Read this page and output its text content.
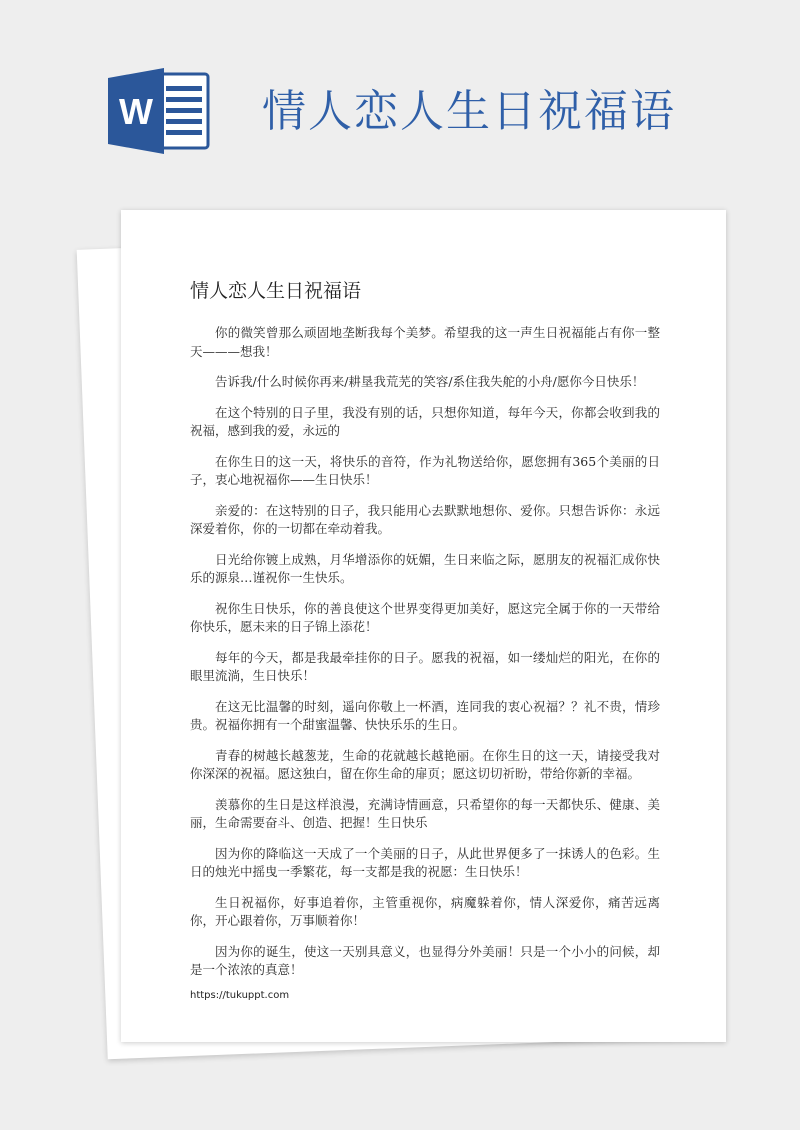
W 情人恋人生日祝福语
情人恋人生日祝福语

你的微笑曾那么顽固地垄断我每个美梦。希望我的这一声生日祝福能占有你一整天———想我！

告诉我/什么时候你再来/耕垦我荒芜的笑容/系住我失舵的小舟/愿你今日快乐！

在这个特别的日子里，我没有别的话，只想你知道，每年今天，你都会收到我的祝福，感到我的爱，永远的

在你生日的这一天，将快乐的音符，作为礼物送给你，愿您拥有365个美丽的日子，衷心地祝福你——生日快乐！

亲爱的：在这特别的日子，我只能用心去默默地想你、爱你。只想告诉你：永远深爱着你，你的一切都在牵动着我。

日光给你镀上成熟，月华增添你的妩媚，生日来临之际，愿朋友的祝福汇成你快乐的源泉…谨祝你一生快乐。

祝你生日快乐，你的善良使这个世界变得更加美好，愿这完全属于你的一天带给你快乐，愿未来的日子锦上添花！

每年的今天，都是我最牵挂你的日子。愿我的祝福，如一缕灿烂的阳光，在你的眼里流淌，生日快乐！

在这无比温馨的时刻，遥向你敬上一杯酒，连同我的衷心祝福？？礼不贵，情珍贵。祝福你拥有一个甜蜜温馨、快快乐乐的生日。

青春的树越长越葱茏，生命的花就越长越艳丽。在你生日的这一天，请接受我对你深深的祝福。愿这独白，留在你生命的扉页；愿这切切祈盼，带给你新的幸福。

羡慕你的生日是这样浪漫，充满诗情画意，只希望你的每一天都快乐、健康、美丽，生命需要奋斗、创造、把握！生日快乐

因为你的降临这一天成了一个美丽的日子，从此世界便多了一抹诱人的色彩。生日的烛光中摇曳一季繁花，每一支都是我的祝愿：生日快乐！

生日祝福你，好事追着你，主管重视你，病魔躲着你，情人深爱你，痛苦远离你，开心跟着你，万事顺着你！

因为你的诞生，使这一天别具意义，也显得分外美丽！只是一个小小的问候，却是一个浓浓的真意！

https://tukuppt.com
